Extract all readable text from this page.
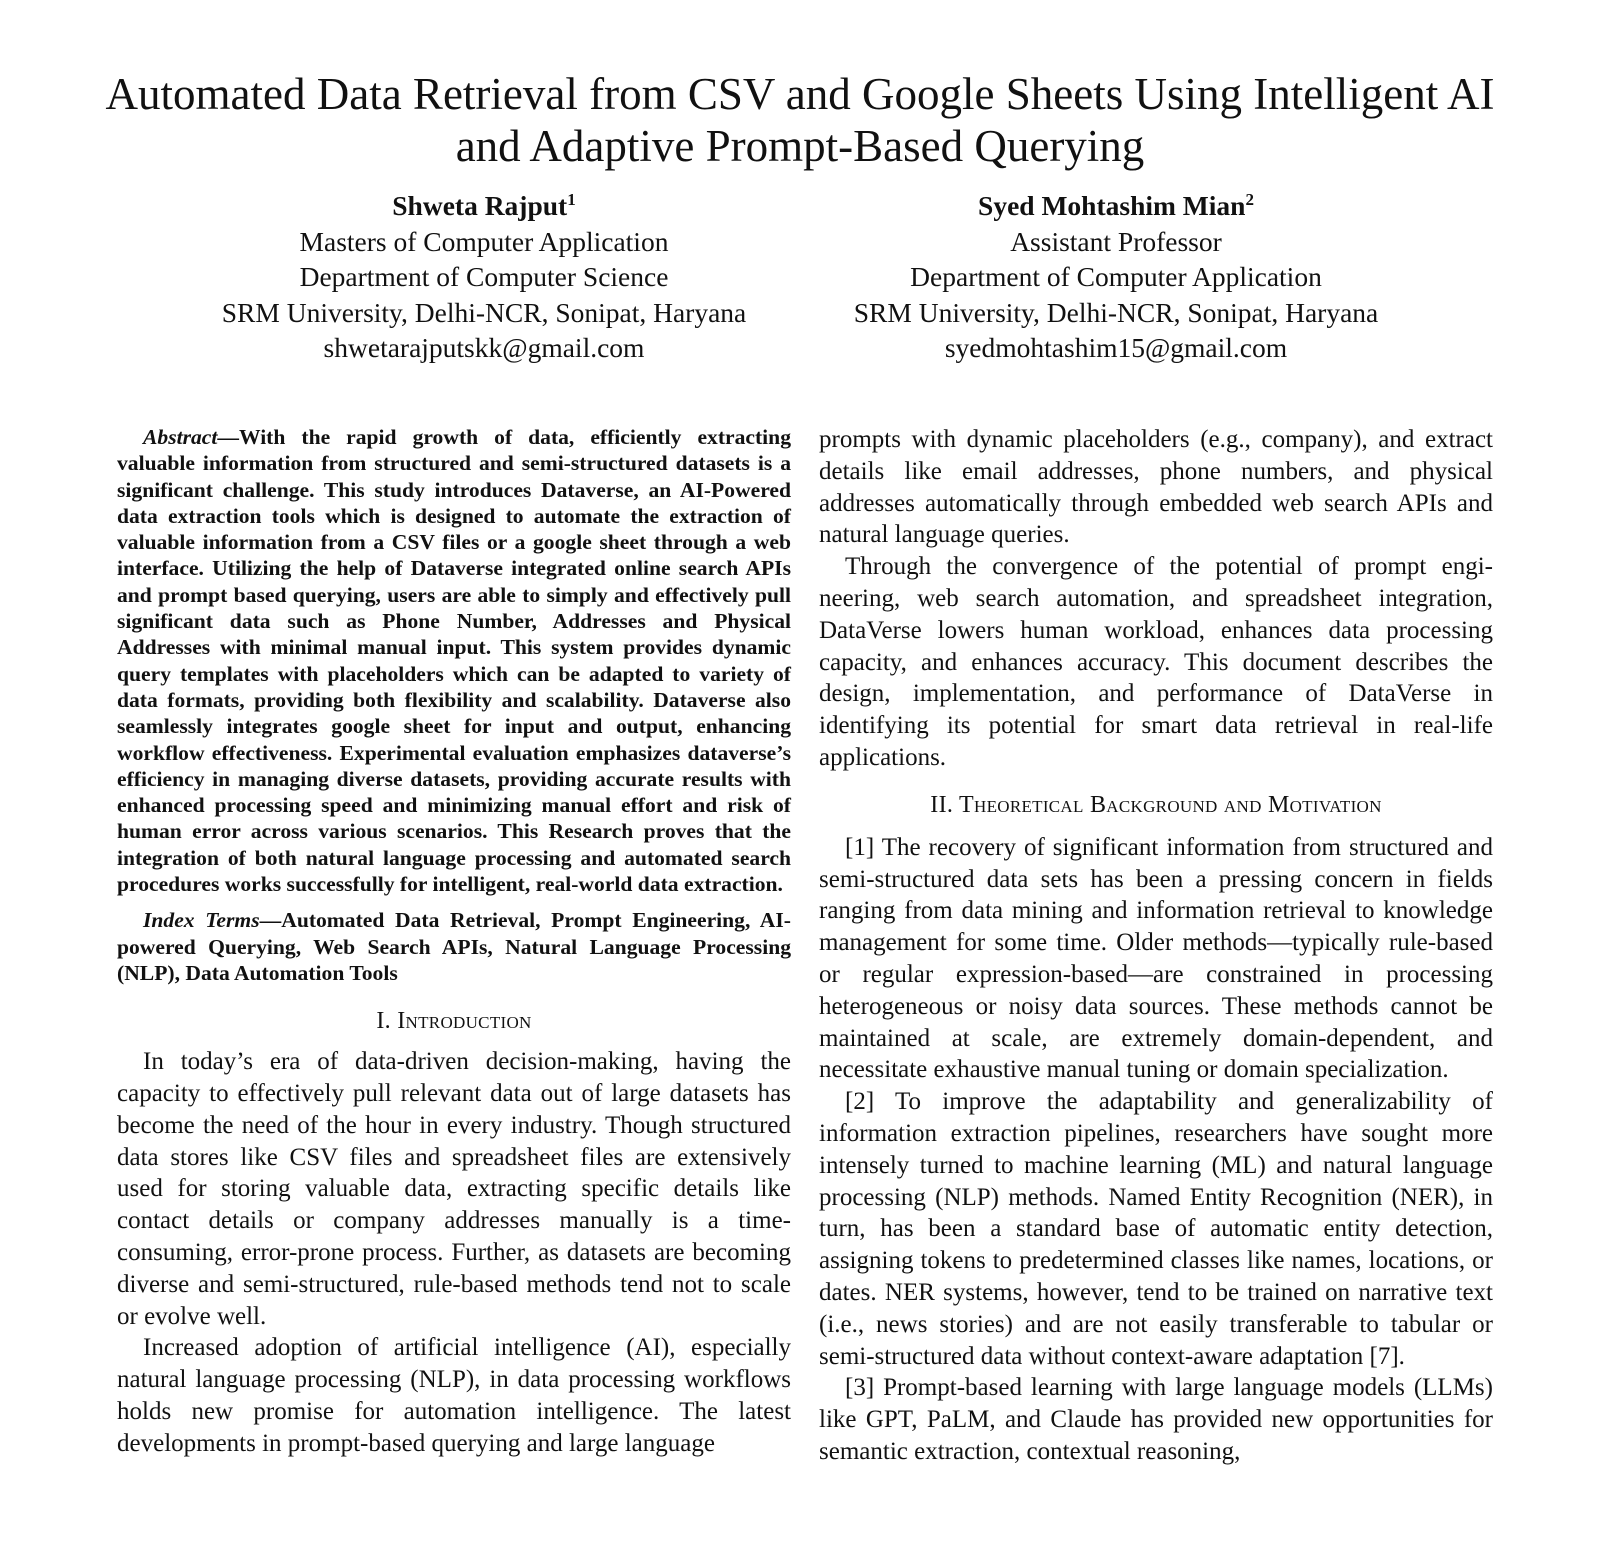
Automated Data Retrieval from CSV and Google Sheets Using Intelligent AI and Adaptive Prompt-Based Querying
Shweta Rajput$^1$
Masters of Computer Application
Department of Computer Science
SRM University, Delhi-NCR, Sonipat, Haryana
shwetarajputskk@gmail.com
Syed Mohtashim Mian$^2$
Assistant Professor
Department of Computer Application
SRM University, Delhi-NCR, Sonipat, Haryana
syedmohtashim15@gmail.com

Abstract—With the rapid growth of data, efficiently extracting valuable information from structured and semi-structured datasets is a significant challenge. This study introduces Dataverse, an AI-Powered data extraction tools which is designed to automate the extraction of valuable information from a CSV files or a google sheet through a web interface. Utilizing the help of Dataverse integrated online search APIs and prompt based querying, users are able to simply and effectively pull significant data such as Phone Number, Addresses and Physical Addresses with minimal manual input. This system provides dynamic query templates with placeholders which can be adapted to variety of data formats, providing both flexibility and scalability. Dataverse also seamlessly integrates google sheet for input and output, enhancing workflow effectiveness. Experimental evaluation emphasizes dataverse’s efficiency in managing diverse datasets, providing accurate results with enhanced processing speed and minimizing manual effort and risk of human error across various scenarios. This Research proves that the integration of both natural language processing and automated search procedures works successfully for intelligent, real-world data extraction.

Index Terms—Automated Data Retrieval, Prompt Engineering, AI-powered Querying, Web Search APIs, Natural Language Processing (NLP), Data Automation Tools

I. Introduction

In today’s era of data-driven decision-making, having the capacity to effectively pull relevant data out of large datasets has become the need of the hour in every industry. Though structured data stores like CSV files and spreadsheet files are extensively used for storing valuable data, extracting specific details like contact details or company addresses manually is a time-consuming, error-prone process. Further, as datasets are becoming diverse and semi-structured, rule-based methods tend not to scale or evolve well.

Increased adoption of artificial intelligence (AI), especially natural language processing (NLP), in data processing workflows holds new promise for automation intelligence. The latest developments in prompt-based querying and large language

prompts with dynamic placeholders (e.g., company), and extract details like email addresses, phone numbers, and physical addresses automatically through embedded web search APIs and natural language queries.

Through the convergence of the potential of prompt engineering, web search automation, and spreadsheet integration, DataVerse lowers human workload, enhances data processing capacity, and enhances accuracy. This document describes the design, implementation, and performance of DataVerse in identifying its potential for smart data retrieval in real-life applications.

II. Theoretical Background and Motivation

[1] The recovery of significant information from structured and semi-structured data sets has been a pressing concern in fields ranging from data mining and information retrieval to knowledge management for some time. Older methods—typically rule-based or regular expression-based—are constrained in processing heterogeneous or noisy data sources. These methods cannot be maintained at scale, are extremely domain-dependent, and necessitate exhaustive manual tuning or domain specialization.

[2] To improve the adaptability and generalizability of information extraction pipelines, researchers have sought more intensely turned to machine learning (ML) and natural language processing (NLP) methods. Named Entity Recognition (NER), in turn, has been a standard base of automatic entity detection, assigning tokens to predetermined classes like names, locations, or dates. NER systems, however, tend to be trained on narrative text (i.e., news stories) and are not easily transferable to tabular or semi-structured data without context-aware adaptation [7].

[3] Prompt-based learning with large language models (LLMs) like GPT, PaLM, and Claude has provided new opportunities for semantic extraction, contextual reasoning,
